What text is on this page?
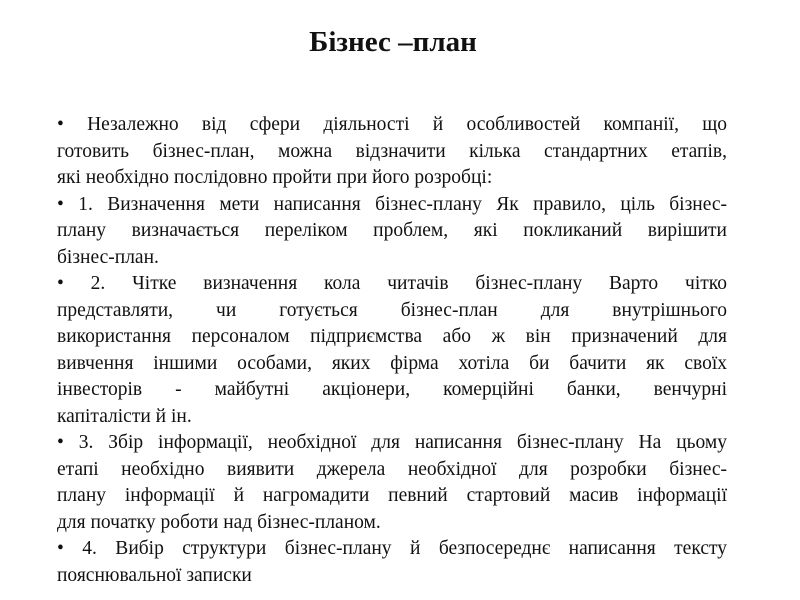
Бізнес –план
• Незалежно від сфери діяльності й особливостей компанії, що
готовить бізнес-план, можна відзначити кілька стандартних етапів,
які необхідно послідовно пройти при його розробці:
• 1. Визначення мети написання бізнес-плану Як правило, ціль бізнес-
плану визначається переліком проблем, які покликаний вирішити
бізнес-план.
• 2. Чітке визначення кола читачів бізнес-плану Варто чітко
представляти, чи готується бізнес-план для внутрішнього
використання персоналом підприємства або ж він призначений для
вивчення іншими особами, яких фірма хотіла би бачити як своїх
інвесторів - майбутні акціонери, комерційні банки, венчурні
капіталісти й ін.
• 3. Збір інформації, необхідної для написання бізнес-плану На цьому
етапі необхідно виявити джерела необхідної для розробки бізнес-
плану інформації й нагромадити певний стартовий масив інформації
для початку роботи над бізнес-планом.
• 4. Вибір структури бізнес-плану й безпосереднє написання тексту
пояснювальної записки
